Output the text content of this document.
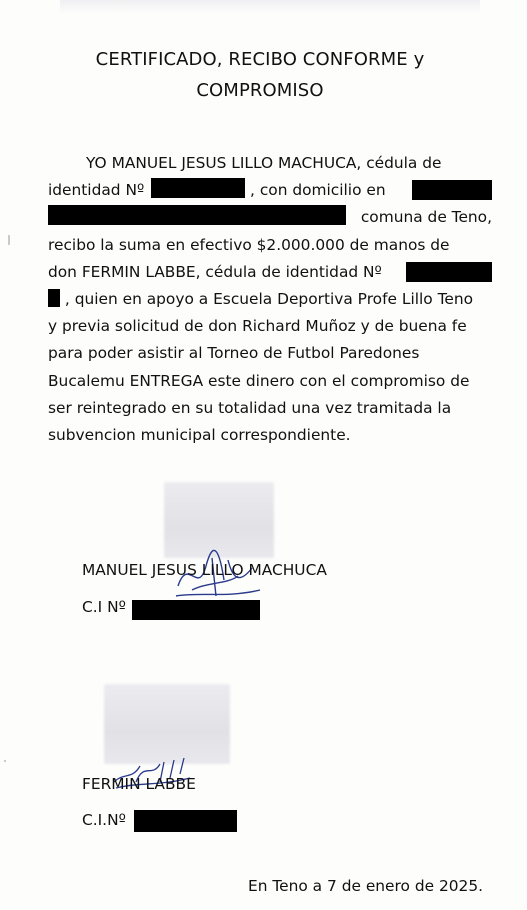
CERTIFICADO, RECIBO CONFORME y
COMPROMISO
YO MANUEL JESUS LILLO MACHUCA, cédula de
identidad Nº	, con domicilio en
comuna de Teno,
recibo la suma en efectivo $2.000.000 de manos de
don FERMIN LABBE, cédula de identidad Nº
, quien en apoyo a Escuela Deportiva Profe Lillo Teno
y previa solicitud de don Richard Muñoz y de buena fe
para poder asistir al Torneo de Futbol Paredones
Bucalemu ENTREGA este dinero con el compromiso de
ser reintegrado en su totalidad una vez tramitada la
subvencion municipal correspondiente.
MANUEL JESUS LILLO MACHUCA
C.I Nº
FERMIN LABBE
C.I.Nº
En Teno a 7 de enero de 2025.
